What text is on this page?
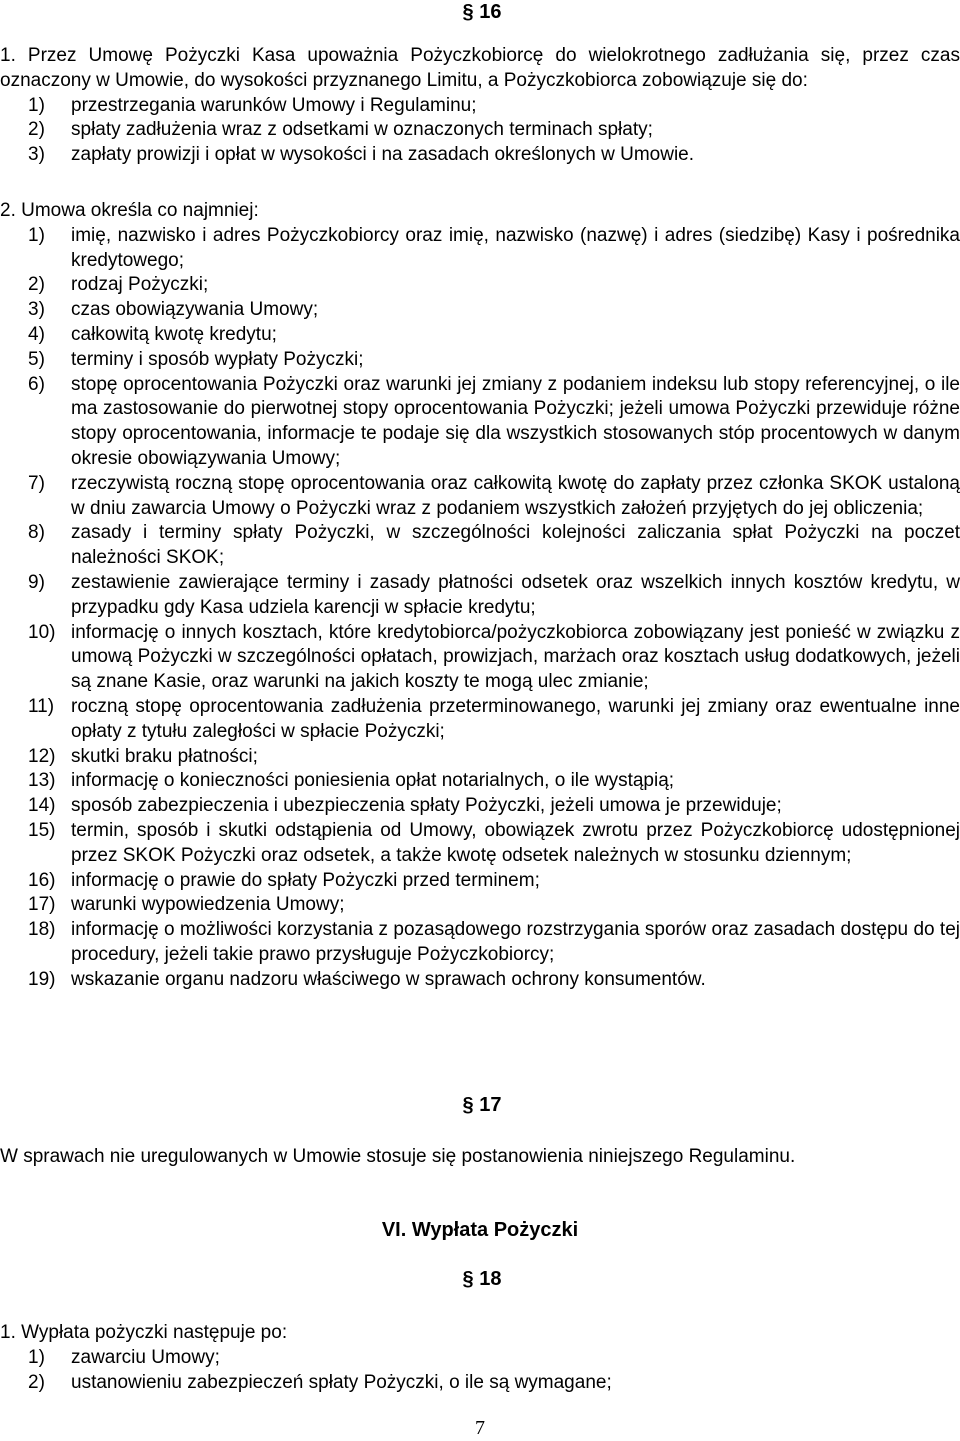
§ 16
1. Przez Umowę Pożyczki Kasa upoważnia Pożyczkobiorcę do wielokrotnego zadłużania się, przez czas oznaczony w Umowie, do wysokości przyznanego Limitu, a Pożyczkobiorca zobowiązuje się do:
1) przestrzegania warunków Umowy i Regulaminu;
2) spłaty zadłużenia wraz z odsetkami w oznaczonych terminach spłaty;
3) zapłaty prowizji i opłat w wysokości i na zasadach określonych w Umowie.
2. Umowa określa co najmniej:
1) imię, nazwisko i adres Pożyczkobiorcy oraz imię, nazwisko (nazwę) i adres (siedzibę) Kasy i pośrednika kredytowego;
2) rodzaj Pożyczki;
3) czas obowiązywania Umowy;
4) całkowitą kwotę kredytu;
5) terminy i sposób wypłaty Pożyczki;
6) stopę oprocentowania Pożyczki oraz warunki jej zmiany z podaniem indeksu lub stopy referencyjnej, o ile ma zastosowanie do pierwotnej stopy oprocentowania Pożyczki; jeżeli umowa Pożyczki przewiduje różne stopy oprocentowania, informacje te podaje się dla wszystkich stosowanych stóp procentowych w danym okresie obowiązywania Umowy;
7) rzeczywistą roczną stopę oprocentowania oraz całkowitą kwotę do zapłaty przez członka SKOK ustaloną w dniu zawarcia Umowy o Pożyczki wraz z podaniem wszystkich założeń przyjętych do jej obliczenia;
8) zasady i terminy spłaty Pożyczki, w szczególności kolejności zaliczania spłat Pożyczki na poczet należności SKOK;
9) zestawienie zawierające terminy i zasady płatności odsetek oraz wszelkich innych kosztów kredytu, w przypadku gdy Kasa udziela karencji w spłacie kredytu;
10) informację o innych kosztach, które kredytobiorca/pożyczkobiorca zobowiązany jest ponieść w związku z umową Pożyczki w szczególności opłatach, prowizjach, marżach oraz kosztach usług dodatkowych, jeżeli są znane Kasie, oraz warunki na jakich koszty te mogą ulec zmianie;
11) roczną stopę oprocentowania zadłużenia przeterminowanego, warunki jej zmiany oraz ewentualne inne opłaty z tytułu zaległości w spłacie Pożyczki;
12) skutki braku płatności;
13) informację o konieczności poniesienia opłat notarialnych, o ile wystąpią;
14) sposób zabezpieczenia i ubezpieczenia spłaty Pożyczki, jeżeli umowa je przewiduje;
15) termin, sposób i skutki odstąpienia od Umowy, obowiązek zwrotu przez Pożyczkobiorcę udostępnionej przez SKOK Pożyczki oraz odsetek, a także kwotę odsetek należnych w stosunku dziennym;
16) informację o prawie do spłaty Pożyczki przed terminem;
17) warunki wypowiedzenia Umowy;
18) informację o możliwości korzystania z pozasądowego rozstrzygania sporów oraz zasadach dostępu do tej procedury, jeżeli takie prawo przysługuje Pożyczkobiorcy;
19) wskazanie organu nadzoru właściwego w sprawach ochrony konsumentów.
§ 17
W sprawach nie uregulowanych w Umowie stosuje się postanowienia niniejszego Regulaminu.
VI. Wypłata Pożyczki
§ 18
1. Wypłata pożyczki następuje po:
1) zawarciu Umowy;
2) ustanowieniu zabezpieczeń spłaty Pożyczki, o ile są wymagane;
7
